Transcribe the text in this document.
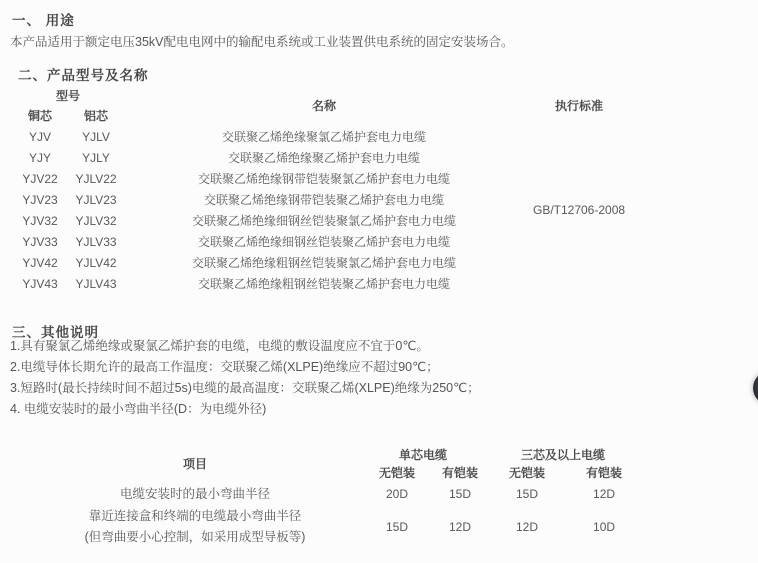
一、 用途
本产品适用于额定电压35kV配电电网中的输配电系统或工业装置供电系统的固定安装场合。
二、产品型号及名称
型号		名称	执行标准
铜芯	铝芯		
YJV	YJLV	交联聚乙烯绝缘聚氯乙烯护套电力电缆	GB/T12706-2008
YJY	YJLY	交联聚乙烯绝缘聚乙烯护套电力电缆	
YJV22	YJLV22	交联聚乙烯绝缘钢带铠装聚氯乙烯护套电力电缆	
YJV23	YJLV23	交联聚乙烯绝缘钢带铠装聚乙烯护套电力电缆	
YJV32	YJLV32	交联聚乙烯绝缘细钢丝铠装聚氯乙烯护套电力电缆	
YJV33	YJLV33	交联聚乙烯绝缘细钢丝铠装聚乙烯护套电力电缆	
YJV42	YJLV42	交联聚乙烯绝缘粗钢丝铠装聚氯乙烯护套电力电缆	
YJV43	YJLV43	交联聚乙烯绝缘粗钢丝铠装聚乙烯护套电力电缆	
三、其他说明

1.具有聚氯乙烯绝缘或聚氯乙烯护套的电缆，电缆的敷设温度应不宜于0℃。

2.电缆导体长期允许的最高工作温度：交联聚乙烯(XLPE)绝缘应不超过90℃；

3.短路时(最长持续时间不超过5s)电缆的最高温度：交联聚乙烯(XLPE)绝缘为250℃；

4. 电缆安装时的最小弯曲半径(D：为电缆外径)

项目	单芯电缆		三芯及以上电缆	
	无铠装	有铠装	无铠装	有铠装
电缆安装时的最小弯曲半径	20D	15D	15D	12D

靠近连接盒和终端的电缆最小弯曲半径
(但弯曲要小心控制，如采用成型导板等)	15D	12D	12D	10D
